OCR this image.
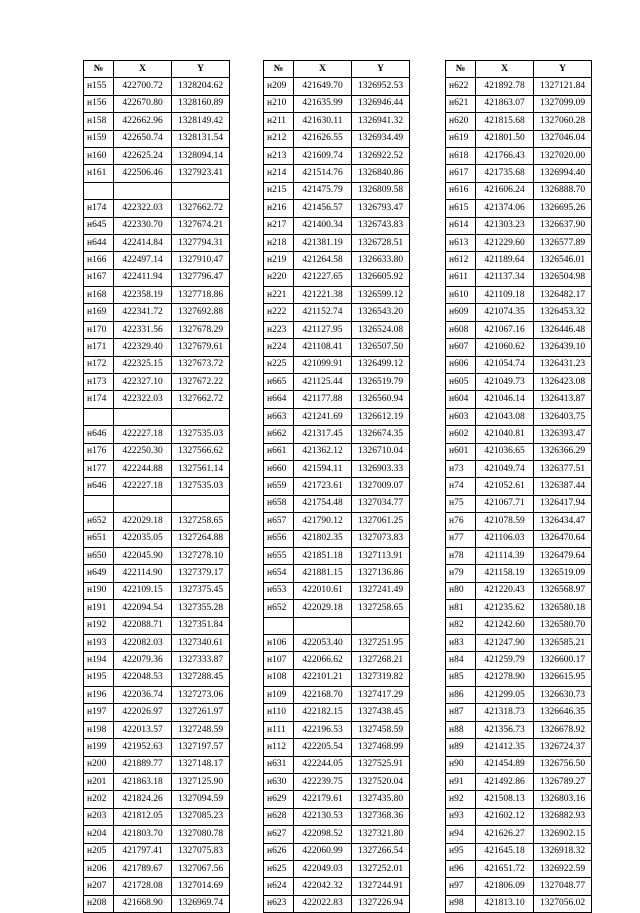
№	X	Y
н155	422700.72	1328204.62
н156	422670.80	1328160.89
н158	422662.96	1328149.42
н159	422650.74	1328131.54
н160	422625.24	1328094.14
н161	422506.46	1327923.41

н174	422322.03	1327662.72
н645	422330.70	1327674.21
н644	422414.84	1327794.31
н166	422497.14	1327910.47
н167	422411.94	1327796.47
н168	422358.19	1327718.86
н169	422341.72	1327692.88
н170	422331.56	1327678.29
н171	422329.40	1327679.61
н172	422325.15	1327673.72
н173	422327.10	1327672.22
н174	422322.03	1327662.72

н646	422227.18	1327535.03
н176	422250.30	1327566.62
н177	422244.88	1327561.14
н646	422227.18	1327535.03

н652	422029.18	1327258.65
н651	422035.05	1327264.88
н650	422045.90	1327278.10
н649	422114.90	1327379.17
н190	422109.15	1327375.45
н191	422094.54	1327355.28
н192	422088.71	1327351.84
н193	422082.03	1327340.61
н194	422079.36	1327333.87
н195	422048.53	1327288.45
н196	422036.74	1327273.06
н197	422026.97	1327261.97
н198	422013.57	1327248.59
н199	421952.63	1327197.57
н200	421889.77	1327148.17
н201	421863.18	1327125.90
н202	421824.26	1327094.59
н203	421812.05	1327085.23
н204	421803.70	1327080.78
н205	421797.41	1327075.83
н206	421789.67	1327067.56
н207	421728.08	1327014.69
н208	421668.90	1326969.74
№	X	Y
н209	421649.70	1326952.53
н210	421635.99	1326946.44
н211	421630.11	1326941.32
н212	421626.55	1326934.49
н213	421609.74	1326922.52
н214	421514.76	1326840.86
н215	421475.79	1326809.58
н216	421456.57	1326793.47
н217	421400.34	1326743.83
н218	421381.19	1326728.51
н219	421264.58	1326633.80
н220	421227.65	1326605.92
н221	421221.38	1326599.12
н222	421152.74	1326543.20
н223	421127.95	1326524.08
н224	421108.41	1326507.50
н225	421099.91	1326499.12
н665	421125.44	1326519.79
н664	421177.88	1326560.94
н663	421241.69	1326612.19
н662	421317.45	1326674.35
н661	421362.12	1326710.04
н660	421594.11	1326903.33
н659	421723.61	1327009.07
н658	421754.48	1327034.77
н657	421790.12	1327061.25
н656	421802.35	1327073.83
н655	421851.18	1327113.91
н654	421881.15	1327136.86
н653	422010.61	1327241.49
н652	422029.18	1327258.65

н106	422053.40	1327251.95
н107	422066.62	1327268.21
н108	422101.21	1327319.82
н109	422168.70	1327417.29
н110	422182.15	1327438.45
н111	422196.53	1327458.59
н112	422205.54	1327468.99
н631	422244.05	1327525.91
н630	422239.75	1327520.04
н629	422179.61	1327435.80
н628	422130.53	1327368.36
н627	422098.52	1327321.80
н626	422060.99	1327266.54
н625	422049.03	1327252.01
н624	422042.32	1327244.91
н623	422022.83	1327226.94
№	X	Y
н622	421892.78	1327121.84
н621	421863.07	1327099.09
н620	421815.68	1327060.28
н619	421801.50	1327046.04
н618	421766.43	1327020.00
н617	421735.68	1326994.40
н616	421606.24	1326888.70
н615	421374.06	1326695.26
н614	421303.23	1326637.90
н613	421229.60	1326577.89
н612	421189.64	1326546.01
н611	421137.34	1326504.98
н610	421109.18	1326482.17
н609	421074.35	1326453.32
н608	421067.16	1326446.48
н607	421060.62	1326439.10
н606	421054.74	1326431.23
н605	421049.73	1326423.08
н604	421046.14	1326413.87
н603	421043.08	1326403.75
н602	421040.81	1326393.47
н601	421036.65	1326366.29
н73	421049.74	1326377.51
н74	421052.61	1326387.44
н75	421067.71	1326417.94
н76	421078.59	1326434.47
н77	421106.03	1326470.64
н78	421114.39	1326479.64
н79	421158.19	1326519.09
н80	421220.43	1326568.97
н81	421235.62	1326580.18
н82	421242.60	1326580.70
н83	421247.90	1326585.21
н84	421259.79	1326600.17
н85	421278.90	1326615.95
н86	421299.05	1326630.73
н87	421318.73	1326646.35
н88	421356.73	1326678.92
н89	421412.35	1326724.37
н90	421454.89	1326756.50
н91	421492.86	1326789.27
н92	421508.13	1326803.16
н93	421602.12	1326882.93
н94	421626.27	1326902.15
н95	421645.18	1326918.32
н96	421651.72	1326922.59
н97	421806.09	1327048.77
н98	421813.10	1327056.02
